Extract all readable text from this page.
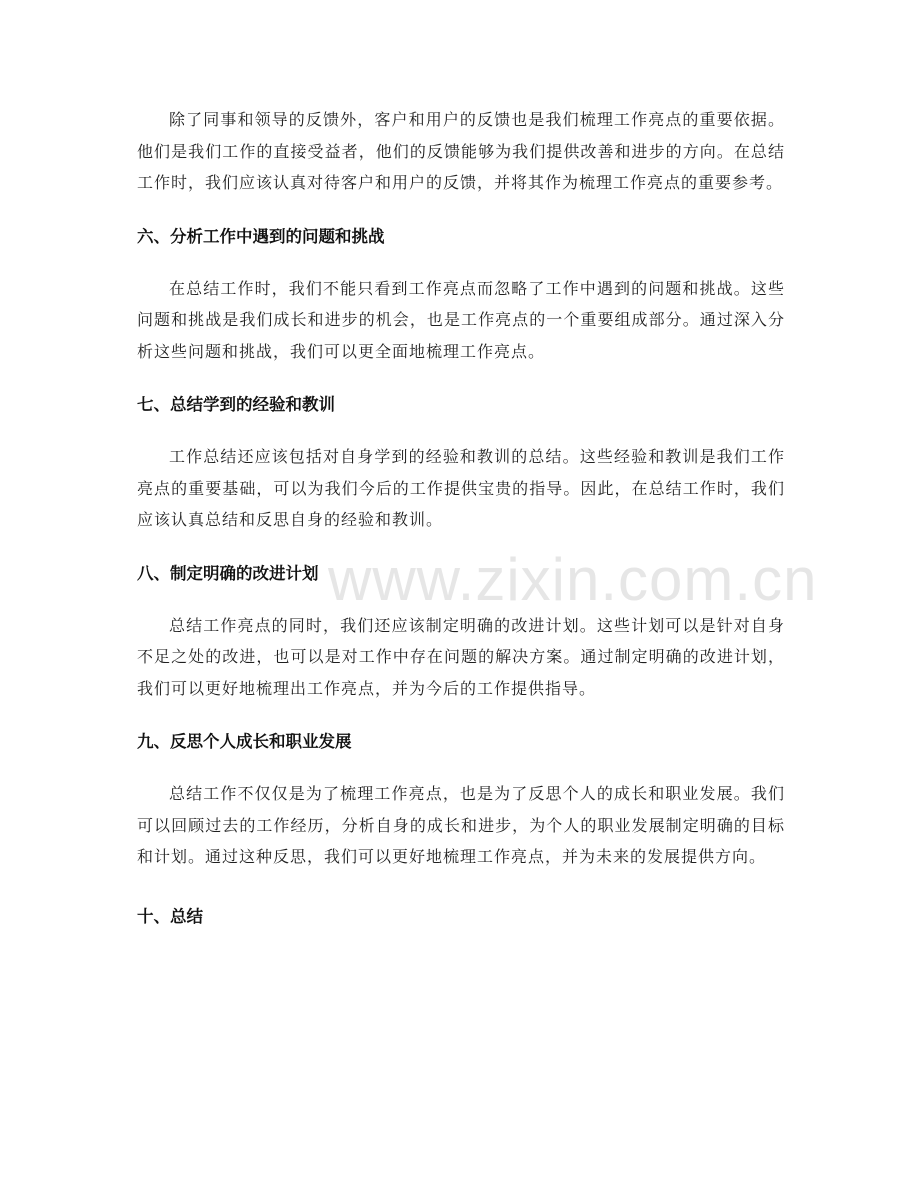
www.zixin.com.cn

除了同事和领导的反馈外，客户和用户的反馈也是我们梳理工作亮点的重要依据。他们是我们工作的直接受益者，他们的反馈能够为我们提供改善和进步的方向。在总结工作时，我们应该认真对待客户和用户的反馈，并将其作为梳理工作亮点的重要参考。

六、分析工作中遇到的问题和挑战

在总结工作时，我们不能只看到工作亮点而忽略了工作中遇到的问题和挑战。这些问题和挑战是我们成长和进步的机会，也是工作亮点的一个重要组成部分。通过深入分析这些问题和挑战，我们可以更全面地梳理工作亮点。

七、总结学到的经验和教训

工作总结还应该包括对自身学到的经验和教训的总结。这些经验和教训是我们工作亮点的重要基础，可以为我们今后的工作提供宝贵的指导。因此，在总结工作时，我们应该认真总结和反思自身的经验和教训。

八、制定明确的改进计划

总结工作亮点的同时，我们还应该制定明确的改进计划。这些计划可以是针对自身不足之处的改进，也可以是对工作中存在问题的解决方案。通过制定明确的改进计划，我们可以更好地梳理出工作亮点，并为今后的工作提供指导。

九、反思个人成长和职业发展

总结工作不仅仅是为了梳理工作亮点，也是为了反思个人的成长和职业发展。我们可以回顾过去的工作经历，分析自身的成长和进步，为个人的职业发展制定明确的目标和计划。通过这种反思，我们可以更好地梳理工作亮点，并为未来的发展提供方向。

十、总结
